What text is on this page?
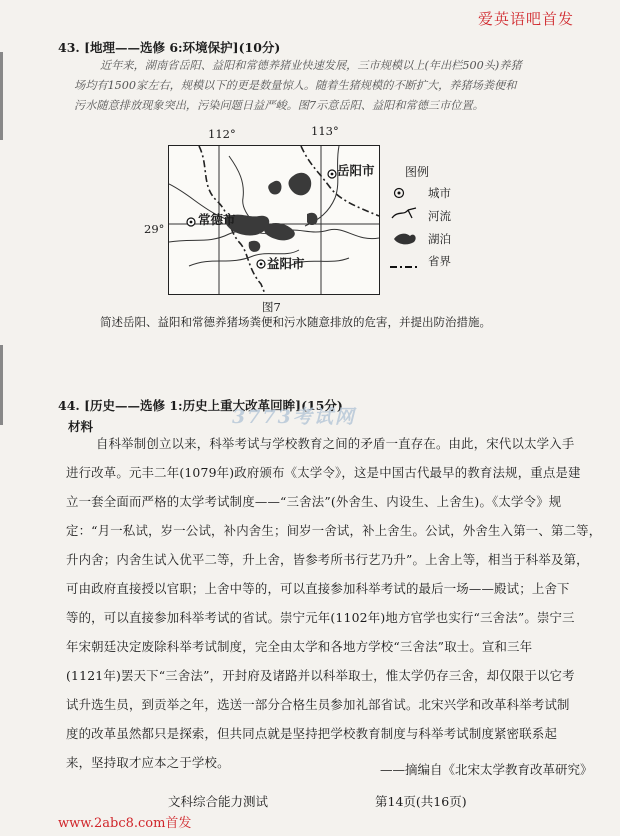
爱英语吧首发
43. [地理——选修 6:环境保护](10分)
近年来，湖南省岳阳、益阳和常德养猪业快速发展，三市规模以上(年出栏500头)养猪
场均有1500家左右，规模以下的更是数量惊人。随着生猪规模的不断扩大，养猪场粪便和
污水随意排放现象突出，污染问题日益严峻。图7示意岳阳、益阳和常德三市位置。
112°	113°
29°
常德市
岳阳市
益阳市
图例
城市
河流
湖泊
省界
图7
简述岳阳、益阳和常德养猪场粪便和污水随意排放的危害，并提出防治措施。
44. [历史——选修 1:历史上重大改革回眸](15分)
3773考试网
材料
自科举制创立以来，科举考试与学校教育之间的矛盾一直存在。由此，宋代以太学入手
进行改革。元丰二年(1079年)政府颁布《太学令》，这是中国古代最早的教育法规，重点是建
立一套全面而严格的太学考试制度——“三舍法”(外舍生、内设生、上舍生)。《太学令》规
定：“月一私试，岁一公试，补内舍生；间岁一舍试，补上舍生。公试，外舍生入第一、第二等，
升内舍；内舍生试入优平二等，升上舍，皆参考所书行艺乃升”。上舍上等，相当于科举及第，
可由政府直接授以官职；上舍中等的，可以直接参加科举考试的最后一场——殿试；上舍下
等的，可以直接参加科举考试的省试。崇宁元年(1102年)地方官学也实行“三舍法”。崇宁三
年宋朝廷决定废除科举考试制度，完全由太学和各地方学校“三舍法”取士。宣和三年
(1121年)罢天下“三舍法”，开封府及诸路并以科举取士，惟太学仍存三舍，却仅限于以它考
试升选生员，到贡举之年，选送一部分合格生员参加礼部省试。北宋兴学和改革科举考试制
度的改革虽然都只是探索，但共同点就是坚持把学校教育制度与科举考试制度紧密联系起
来，坚持取才应本之于学校。	——摘编自《北宋太学教育改革研究》
文科综合能力测试	第14页(共16页)
www.2abc8.com首发
